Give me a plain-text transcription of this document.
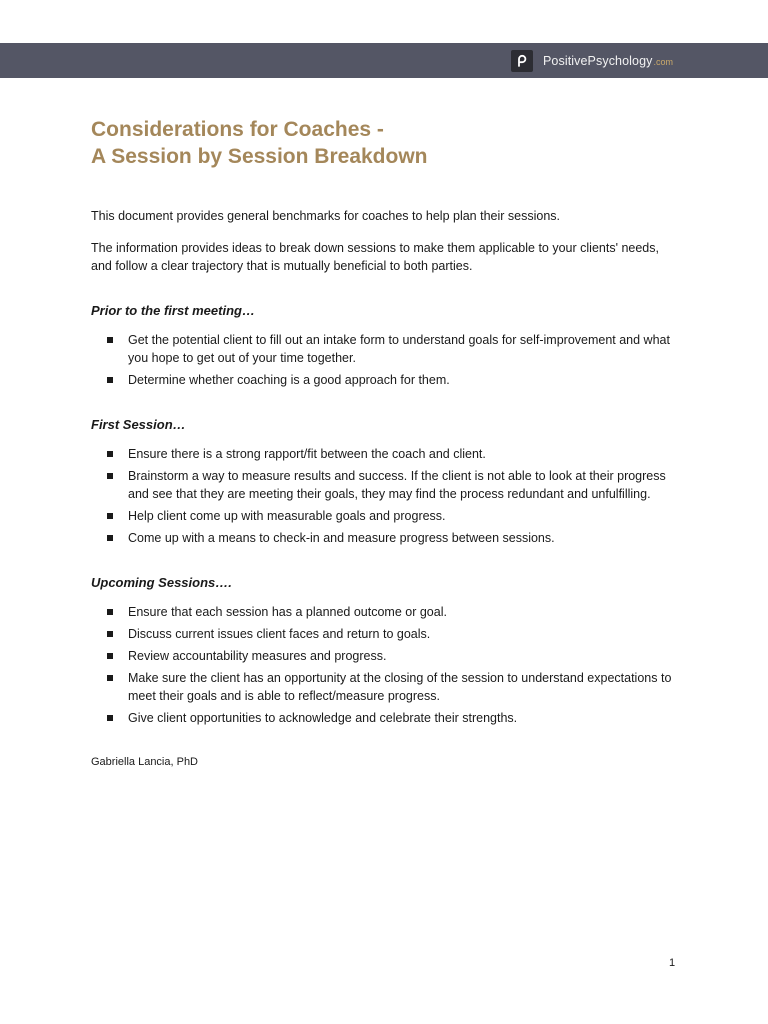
PositivePsychology .com
Considerations for Coaches -
A Session by Session Breakdown

This document provides general benchmarks for coaches to help plan their sessions.

The information provides ideas to break down sessions to make them applicable to your clients' needs, and follow a clear trajectory that is mutually beneficial to both parties.

Prior to the first meeting…
Get the potential client to fill out an intake form to understand goals for self-improvement and what you hope to get out of your time together.
Determine whether coaching is a good approach for them.
First Session…
Ensure there is a strong rapport/fit between the coach and client.
Brainstorm a way to measure results and success. If the client is not able to look at their progress and see that they are meeting their goals, they may find the process redundant and unfulfilling.
Help client come up with measurable goals and progress.
Come up with a means to check-in and measure progress between sessions.
Upcoming Sessions….
Ensure that each session has a planned outcome or goal.
Discuss current issues client faces and return to goals.
Review accountability measures and progress.
Make sure the client has an opportunity at the closing of the session to understand expectations to meet their goals and is able to reflect/measure progress.
Give client opportunities to acknowledge and celebrate their strengths.

Gabriella Lancia, PhD

1
